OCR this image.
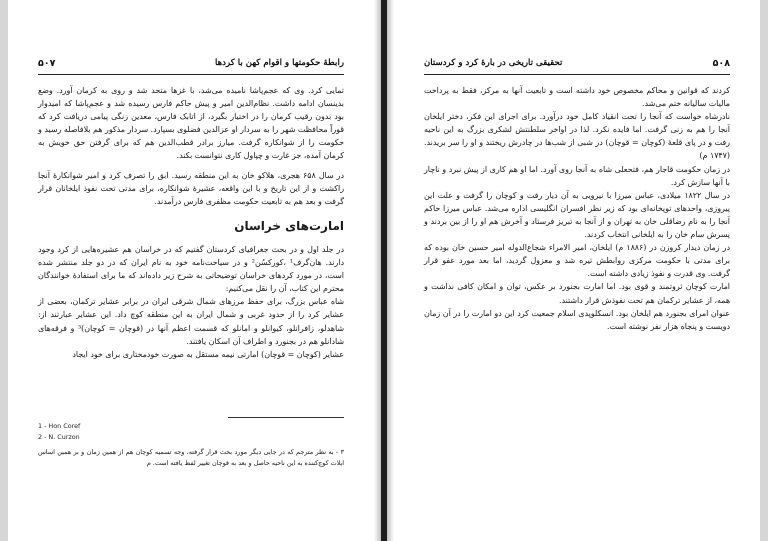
رابطهٔ حکومتها و اقوام کهن با کردها
۵۰۷

تمایی کرد. وی که عجم‌پاشا نامیده می‌شد، با غزها متحد شد و روی به کرمان آورد. وضع بدینسان ادامه داشت. نظام‌الدین امیر و پیش حاکم فارس رسیده شد و عجم‌پاشا که امیدوار بود بدون رقیب کرمان را در اختیار بگیرد، از اتابک فارس، معدین زنگی پیامی دریافت کرد که قوراً محافظت شهر را به سردار او عزالدین فضلوی بسپارد. سردار مذکور هم بلافاصله رسید و حکومت را از شوانکاره گرفت. میارز برادر قطب‌الدین هم که برای گرفتن حق خویش به کرمان آمده، جز غارت و چپاول کاری نتوانست بکند.

در سال ۶۵۸ هجری، هلاکو خان به این منطقه رسید. ابق را تصرف کرد و امیر شوانکارهٔ آنجا راکشت و از این تاریخ و با این واقعه، عشیرهٔ شوانکاره، برای مدتی تحت نفوذ ایلخانان قرار گرفت و بعد هم به تابعیت حکومت مظفری فارس درآمدند.

امارت‌های خراسان

در جلد اول و در بحث جغرافیای کردستان گفتیم که در خراسان هم عشیره‌هایی از کرد وجود دارند. هان‌گرف¹ ،کورکسُن² و در سیاحت‌نامه خود به نام ایران که در دو جلد منتشر شده است، در مورد کردهای خراسان توضیحاتی به شرح زیر داده‌اند که ما برای استفادهٔ خوانندگان محترم این کتاب، آن را نقل می‌کنیم:

شاه عباس بزرگ، برای حفظ مرزهای شمال شرقی ایران در برابر عشایر ترکمان، بعضی از عشایر کرد را از حدود غربی و شمال ایران به این منطقه کوچ داد. این عشایر عبارتند از: شاهدلو، زافرانلو، کیوانلو و امانلو که قسمت اعظم آنها در (قوچان = کوچان)³ و فرقه‌های شادانلو هم در بجنورد و اطراف آن اسکان یافتند.

عشایر (کوچان = قوچان) امارتی نیمه مستقل به صورت خودمختاری برای خود ایجاد

1 - Hon Coref
2 - N. Curzon
۳ - به نظر مترجم که در جایی دیگر مورد بحث قرار گرفته، وجه تسمیه کوچان هم از همین زمان و بر همین اساس ایلات کوچ‌کننده به این ناحیه حاصل و بعد به قوچان تغییر لفظ یافته است. م
تحقیقی تاریخی در بارهٔ کرد و کردستان	۵۰۸

کردند که قوانین و محاکم مخصوص خود داشته است و تابعیت آنها به مرکز، فقط به پرداخت مالیات سالیانه ختم می‌شد.

نادرشاه خواست که آنجا را تحت انقیاد کامل خود درآورد. برای اجرای این فکر، دختر ایلخان آنجا را هم به زنی گرفت. اما فایده نکرد. لذا در اواخر سلطنتش لشکری بزرگ به این ناحیه رفت و در پای قلعهٔ (کوچان = قوچان) در شبی از شب‌ها در چادرش ریختند و او را سر بریدند. (۱۷۴۷ م)

در زمان حکومت قاجار هم، فتحعلی شاه به آنجا روی آورد. اما او هم کاری از پیش نبرد و ناچار با آنها سازش کرد.

در سال ۱۸۲۲ میلادی، عباس میرزا با نیرویی به آن دیار رفت و کوچان را گرفت و علت این پیروزی، واحدهای توپخانه‌ای بود که زیر نظر افسران انگلیسی اداره می‌شد. عباس میرزا حاکم آنجا را به نام رضاقلی خان به تهران و از آنجا به تبریز فرستاد و آخرش هم او را از بین بردند و پسرش سام خان را به ایلخانی انتخاب کردند.

در زمان دیدار کروزن در (۱۸۸۶ م) ایلخان، امیر الامراء شجاع‌الدوله امیر حسین خان بوده که برای مدتی با حکومت مرکزی روابطش تیره شد و معزول گردید، اما بعد مورد عفو قرار گرفت. وی قدرت و نفوذ زیادی داشته است.

امارت کوچان ثروتمند و قوی بود. اما امارت بجنورد بر عکس، توان و امکان کافی نداشت و همه، از عشایر ترکمان هم تحت نفوذش قرار داشتند.

عنوان امرای بجنورد هم ایلخان بود. انسکلوپدی اسلام جمعیت کرد این دو امارت را در آن زمان دویست و پنجاه هزار نفر نوشته است.
